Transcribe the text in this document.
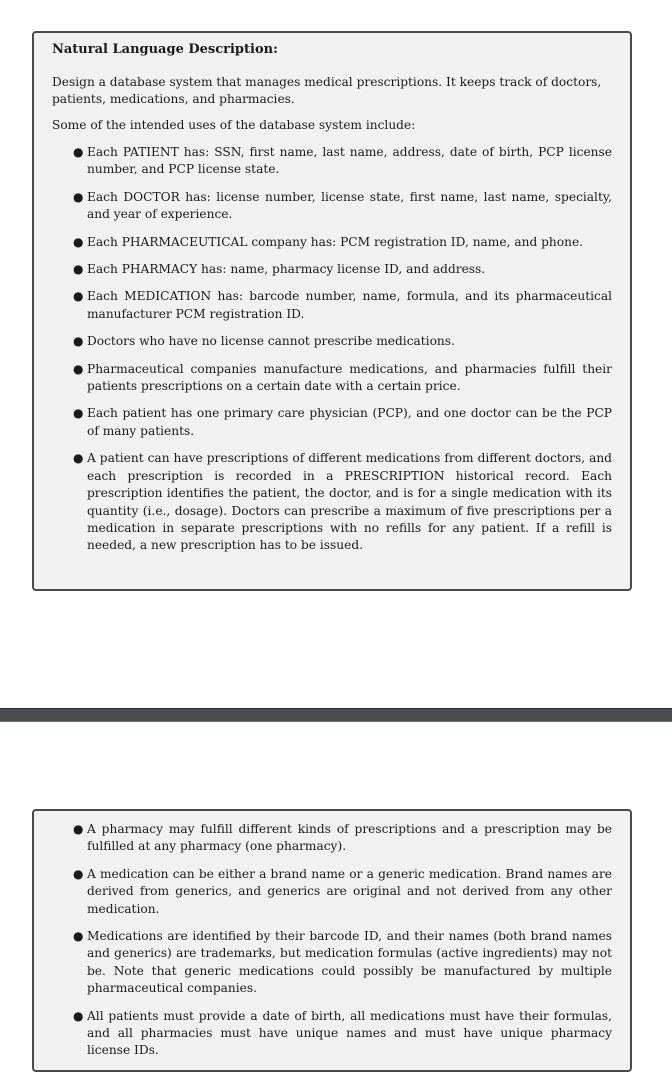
Natural Language Description:

Design a database system that manages medical prescriptions. It keeps track of doctors, patients, medications, and pharmacies.

Some of the intended uses of the database system include:

● Each PATIENT has: SSN, first name, last name, address, date of birth, PCP license number, and PCP license state.
● Each DOCTOR has: license number, license state, first name, last name, specialty, and year of experience.
● Each PHARMACEUTICAL company has: PCM registration ID, name, and phone.
● Each PHARMACY has: name, pharmacy license ID, and address.
● Each MEDICATION has: barcode number, name, formula, and its pharmaceutical manufacturer PCM registration ID.
● Doctors who have no license cannot prescribe medications.
● Pharmaceutical companies manufacture medications, and pharmacies fulfill their patients prescriptions on a certain date with a certain price.
● Each patient has one primary care physician (PCP), and one doctor can be the PCP of many patients.
● A patient can have prescriptions of different medications from different doctors, and each prescription is recorded in a PRESCRIPTION historical record. Each prescription identifies the patient, the doctor, and is for a single medication with its quantity (i.e., dosage). Doctors can prescribe a maximum of five prescriptions per a medication in separate prescriptions with no refills for any patient. If a refill is needed, a new prescription has to be issued.
● A pharmacy may fulfill different kinds of prescriptions and a prescription may be fulfilled at any pharmacy (one pharmacy).
● A medication can be either a brand name or a generic medication. Brand names are derived from generics, and generics are original and not derived from any other medication.
● Medications are identified by their barcode ID, and their names (both brand names and generics) are trademarks, but medication formulas (active ingredients) may not be. Note that generic medications could possibly be manufactured by multiple pharmaceutical companies.
● All patients must provide a date of birth, all medications must have their formulas, and all pharmacies must have unique names and must have unique pharmacy license IDs.
